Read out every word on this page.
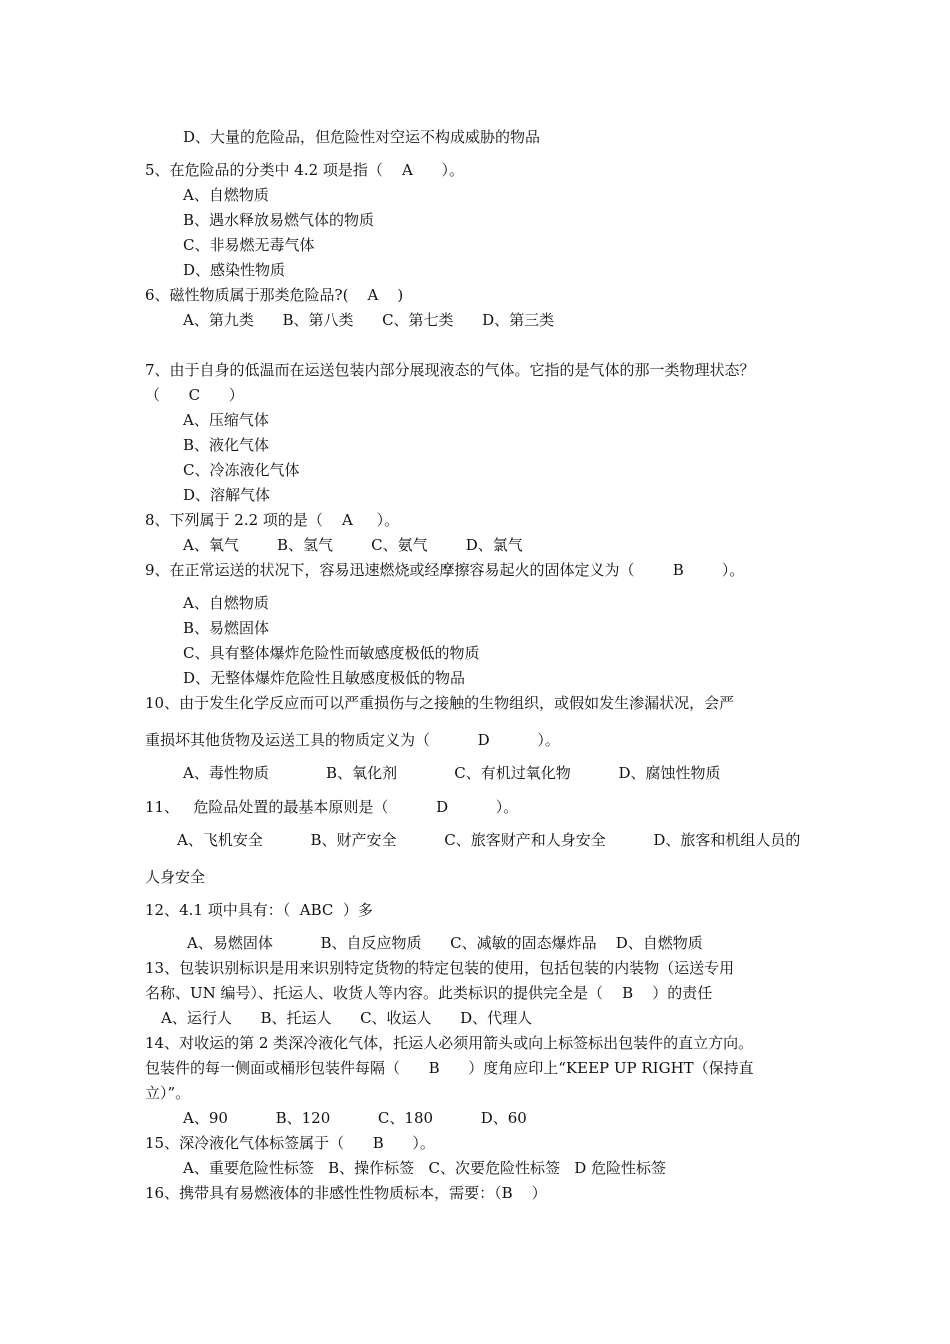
D、大量的危险品，但危险性对空运不构成威胁的物品
5、在危险品的分类中 4.2 项是指（    A      ）。
A、自燃物质
B、遇水释放易燃气体的物质
C、非易燃无毒气体
D、感染性物质
6、磁性物质属于那类危险品?(    A    )
A、第九类      B、第八类      C、第七类      D、第三类
7、由于自身的低温而在运送包装内部分展现液态的气体。它指的是气体的那一类物理状态？
（      C      ）
A、压缩气体
B、液化气体
C、冷冻液化气体
D、溶解气体
8、下列属于 2.2 项的是（    A     ）。
A、氧气        B、氢气        C、氨气        D、氯气
9、在正常运送的状况下，容易迅速燃烧或经摩擦容易起火的固体定义为（        B        ）。
A、自燃物质
B、易燃固体
C、具有整体爆炸危险性而敏感度极低的物质
D、无整体爆炸危险性且敏感度极低的物品
10、由于发生化学反应而可以严重损伤与之接触的生物组织，或假如发生渗漏状况，会严
重损坏其他货物及运送工具的物质定义为（          D          ）。
A、毒性物质            B、氧化剂            C、有机过氧化物          D、腐蚀性物质
11、   危险品处置的最基本原则是（          D          ）。
A、飞机安全          B、财产安全          C、旅客财产和人身安全          D、旅客和机组人员的
人身安全
12、4.1 项中具有：（  ABC  ）多
A、易燃固体          B、自反应物质      C、减敏的固态爆炸品    D、自燃物质
13、包装识别标识是用来识别特定货物的特定包装的使用，包括包装的内装物（运送专用
名称、UN 编号）、托运人、收货人等内容。此类标识的提供完全是（    B    ）的责任
A、运行人      B、托运人      C、收运人      D、代理人
14、对收运的第 2 类深冷液化气体，托运人必须用箭头或向上标签标出包装件的直立方向。
包装件的每一侧面或桶形包装件每隔（      B      ）度角应印上“KEEP UP RIGHT（保持直
立）”。
A、90          B、120          C、180          D、60
15、深冷液化气体标签属于（      B      ）。
A、重要危险性标签   B、操作标签   C、次要危险性标签   D 危险性标签
16、携带具有易燃液体的非感性性物质标本，需要：（B    ）
